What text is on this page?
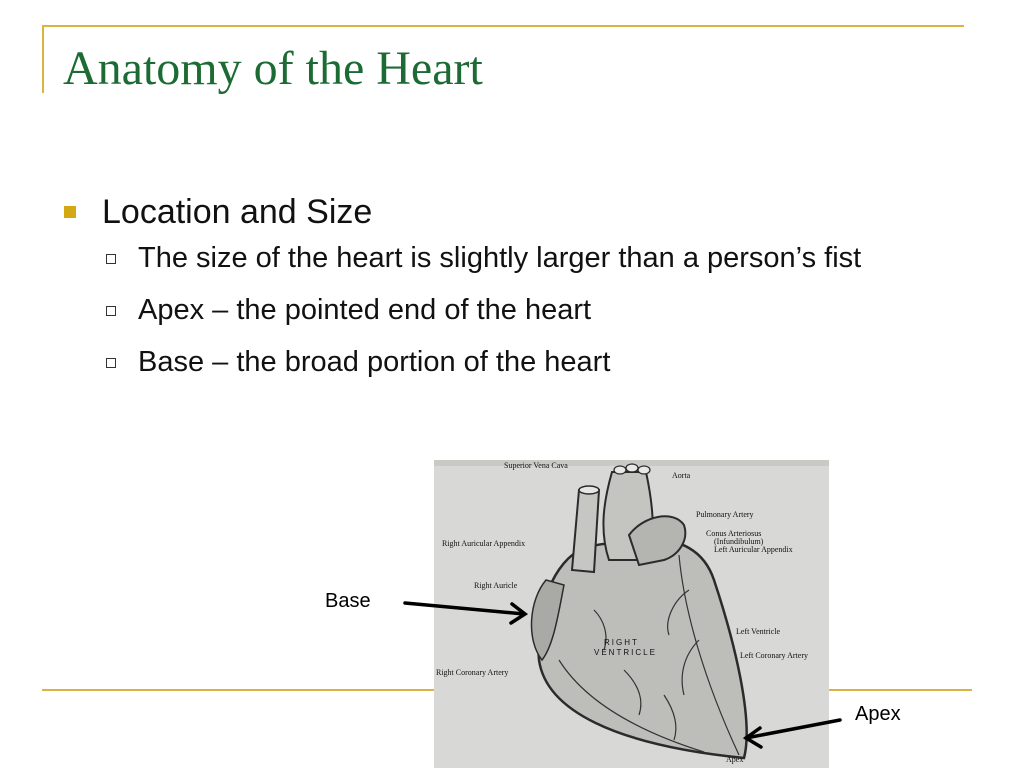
Anatomy of the Heart
Location and Size
The size of the heart is slightly larger than a person’s fist
Apex – the pointed end of the heart
Base – the broad portion of the heart
Superior Vena Cava
Aorta
Pulmonary Artery
Conus Arteriosus
(Infundibulum)
Left Auricular Appendix
Right Auricular Appendix
Right Auricle
Left Ventricle
Left Coronary Artery
Right Coronary Artery
Apex
RIGHT
VENTRICLE
Base
Apex
